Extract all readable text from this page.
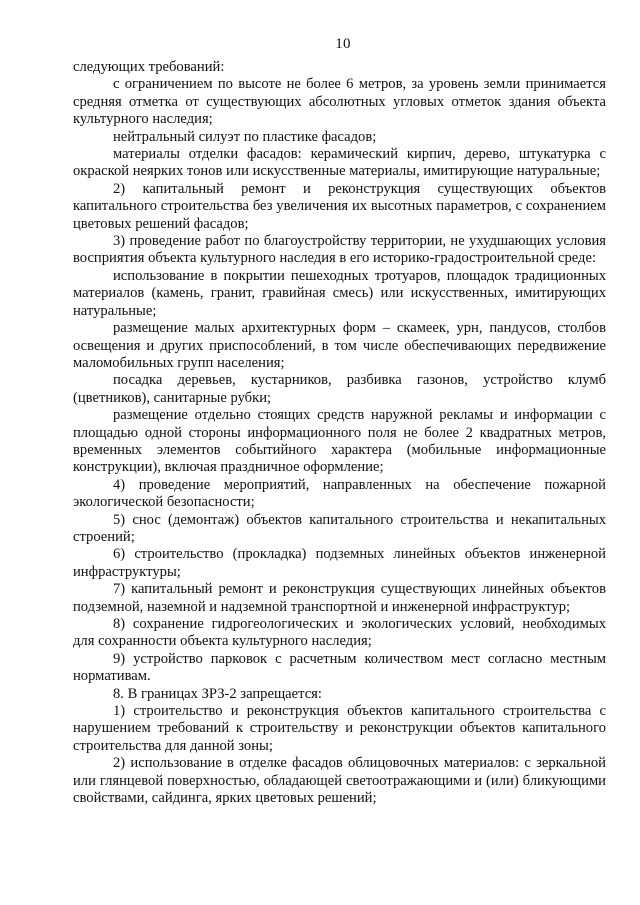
10

следующих требований:

с ограничением по высоте не более 6 метров, за уровень земли принимается средняя отметка от существующих абсолютных угловых отметок здания объекта культурного наследия;

нейтральный силуэт по пластике фасадов;

материалы отделки фасадов: керамический кирпич, дерево, штукатурка с окраской неярких тонов или искусственные материалы, имитирующие натуральные;

2) капитальный ремонт и реконструкция существующих объектов капитального строительства без увеличения их высотных параметров, с сохранением цветовых решений фасадов;

3) проведение работ по благоустройству территории, не ухудшающих условия восприятия объекта культурного наследия в его историко-градостроительной среде:

использование в покрытии пешеходных тротуаров, площадок традиционных материалов (камень, гранит, гравийная смесь) или искусственных, имитирующих натуральные;

размещение малых архитектурных форм – скамеек, урн, пандусов, столбов освещения и других приспособлений, в том числе обеспечивающих передвижение маломобильных групп населения;

посадка деревьев, кустарников, разбивка газонов, устройство клумб (цветников), санитарные рубки;

размещение отдельно стоящих средств наружной рекламы и информации с площадью одной стороны информационного поля не более 2 квадратных метров, временных элементов событийного характера (мобильные информационные конструкции), включая праздничное оформление;

4) проведение мероприятий, направленных на обеспечение пожарной экологической безопасности;

5) снос (демонтаж) объектов капитального строительства и некапитальных строений;

6) строительство (прокладка) подземных линейных объектов инженерной инфраструктуры;

7) капитальный ремонт и реконструкция существующих линейных объектов подземной, наземной и надземной транспортной и инженерной инфраструктур;

8) сохранение гидрогеологических и экологических условий, необходимых для сохранности объекта культурного наследия;

9) устройство парковок с расчетным количеством мест согласно местным нормативам.

8. В границах ЗРЗ-2 запрещается:

1) строительство и реконструкция объектов капитального строительства с нарушением требований к строительству и реконструкции объектов капитального строительства для данной зоны;

2) использование в отделке фасадов облицовочных материалов: с зеркальной или глянцевой поверхностью, обладающей светоотражающими и (или) бликующими свойствами, сайдинга, ярких цветовых решений;
